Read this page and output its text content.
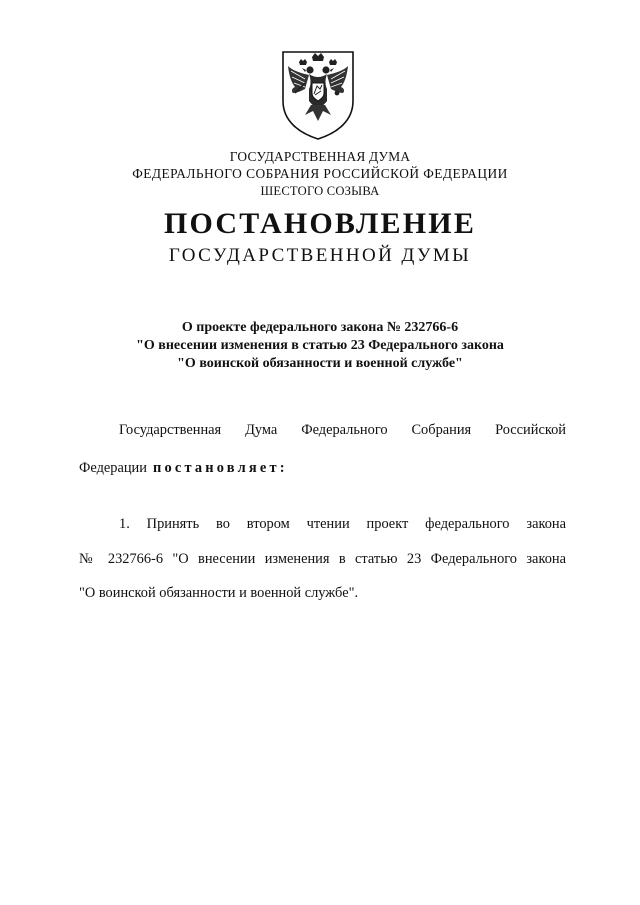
ГОСУДАРСТВЕННАЯ ДУМА
ФЕДЕРАЛЬНОГО СОБРАНИЯ РОССИЙСКОЙ ФЕДЕРАЦИИ
ШЕСТОГО СОЗЫВА
ПОСТАНОВЛЕНИЕ
ГОСУДАРСТВЕННОЙ ДУМЫ
О проекте федерального закона № 232766-6
"О внесении изменения в статью 23 Федерального закона
"О воинской обязанности и военной службе"
Государственная Дума Федерального Собрания Российской
Федерации постановляет:
1. Принять во втором чтении проект федерального закона
№ 232766-6 "О внесении изменения в статью 23 Федерального закона
"О воинской обязанности и военной службе".
